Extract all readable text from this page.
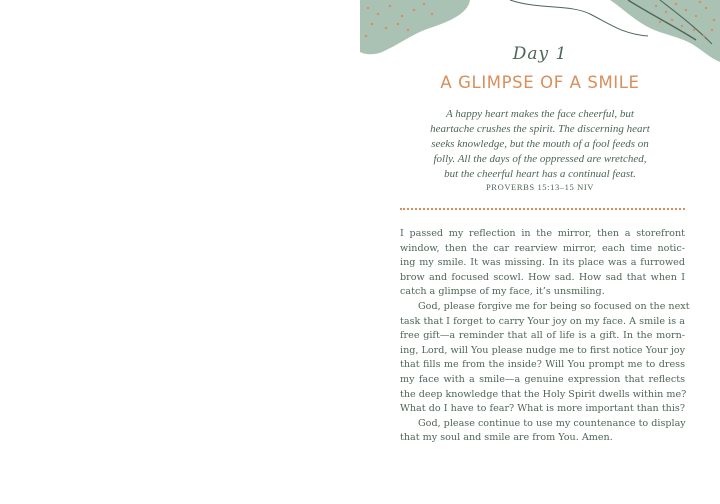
Day 1
A GLIMPSE OF A SMILE
A happy heart makes the face cheerful, but
heartache crushes the spirit. The discerning heart
seeks knowledge, but the mouth of a fool feeds on
folly. All the days of the oppressed are wretched,
but the cheerful heart has a continual feast.
PROVERBS 15:13–15 NIV
I passed my reflection in the mirror, then a storefront
window, then the car rearview mirror, each time notic-
ing my smile. It was missing. In its place was a furrowed
brow and focused scowl. How sad. How sad that when I
catch a glimpse of my face, it’s unsmiling.
God, please forgive me for being so focused on the next
task that I forget to carry Your joy on my face. A smile is a
free gift—a reminder that all of life is a gift. In the morn-
ing, Lord, will You please nudge me to first notice Your joy
that fills me from the inside? Will You prompt me to dress
my face with a smile—a genuine expression that reflects
the deep knowledge that the Holy Spirit dwells within me?
What do I have to fear? What is more important than this?
God, please continue to use my countenance to display
that my soul and smile are from You. Amen.
